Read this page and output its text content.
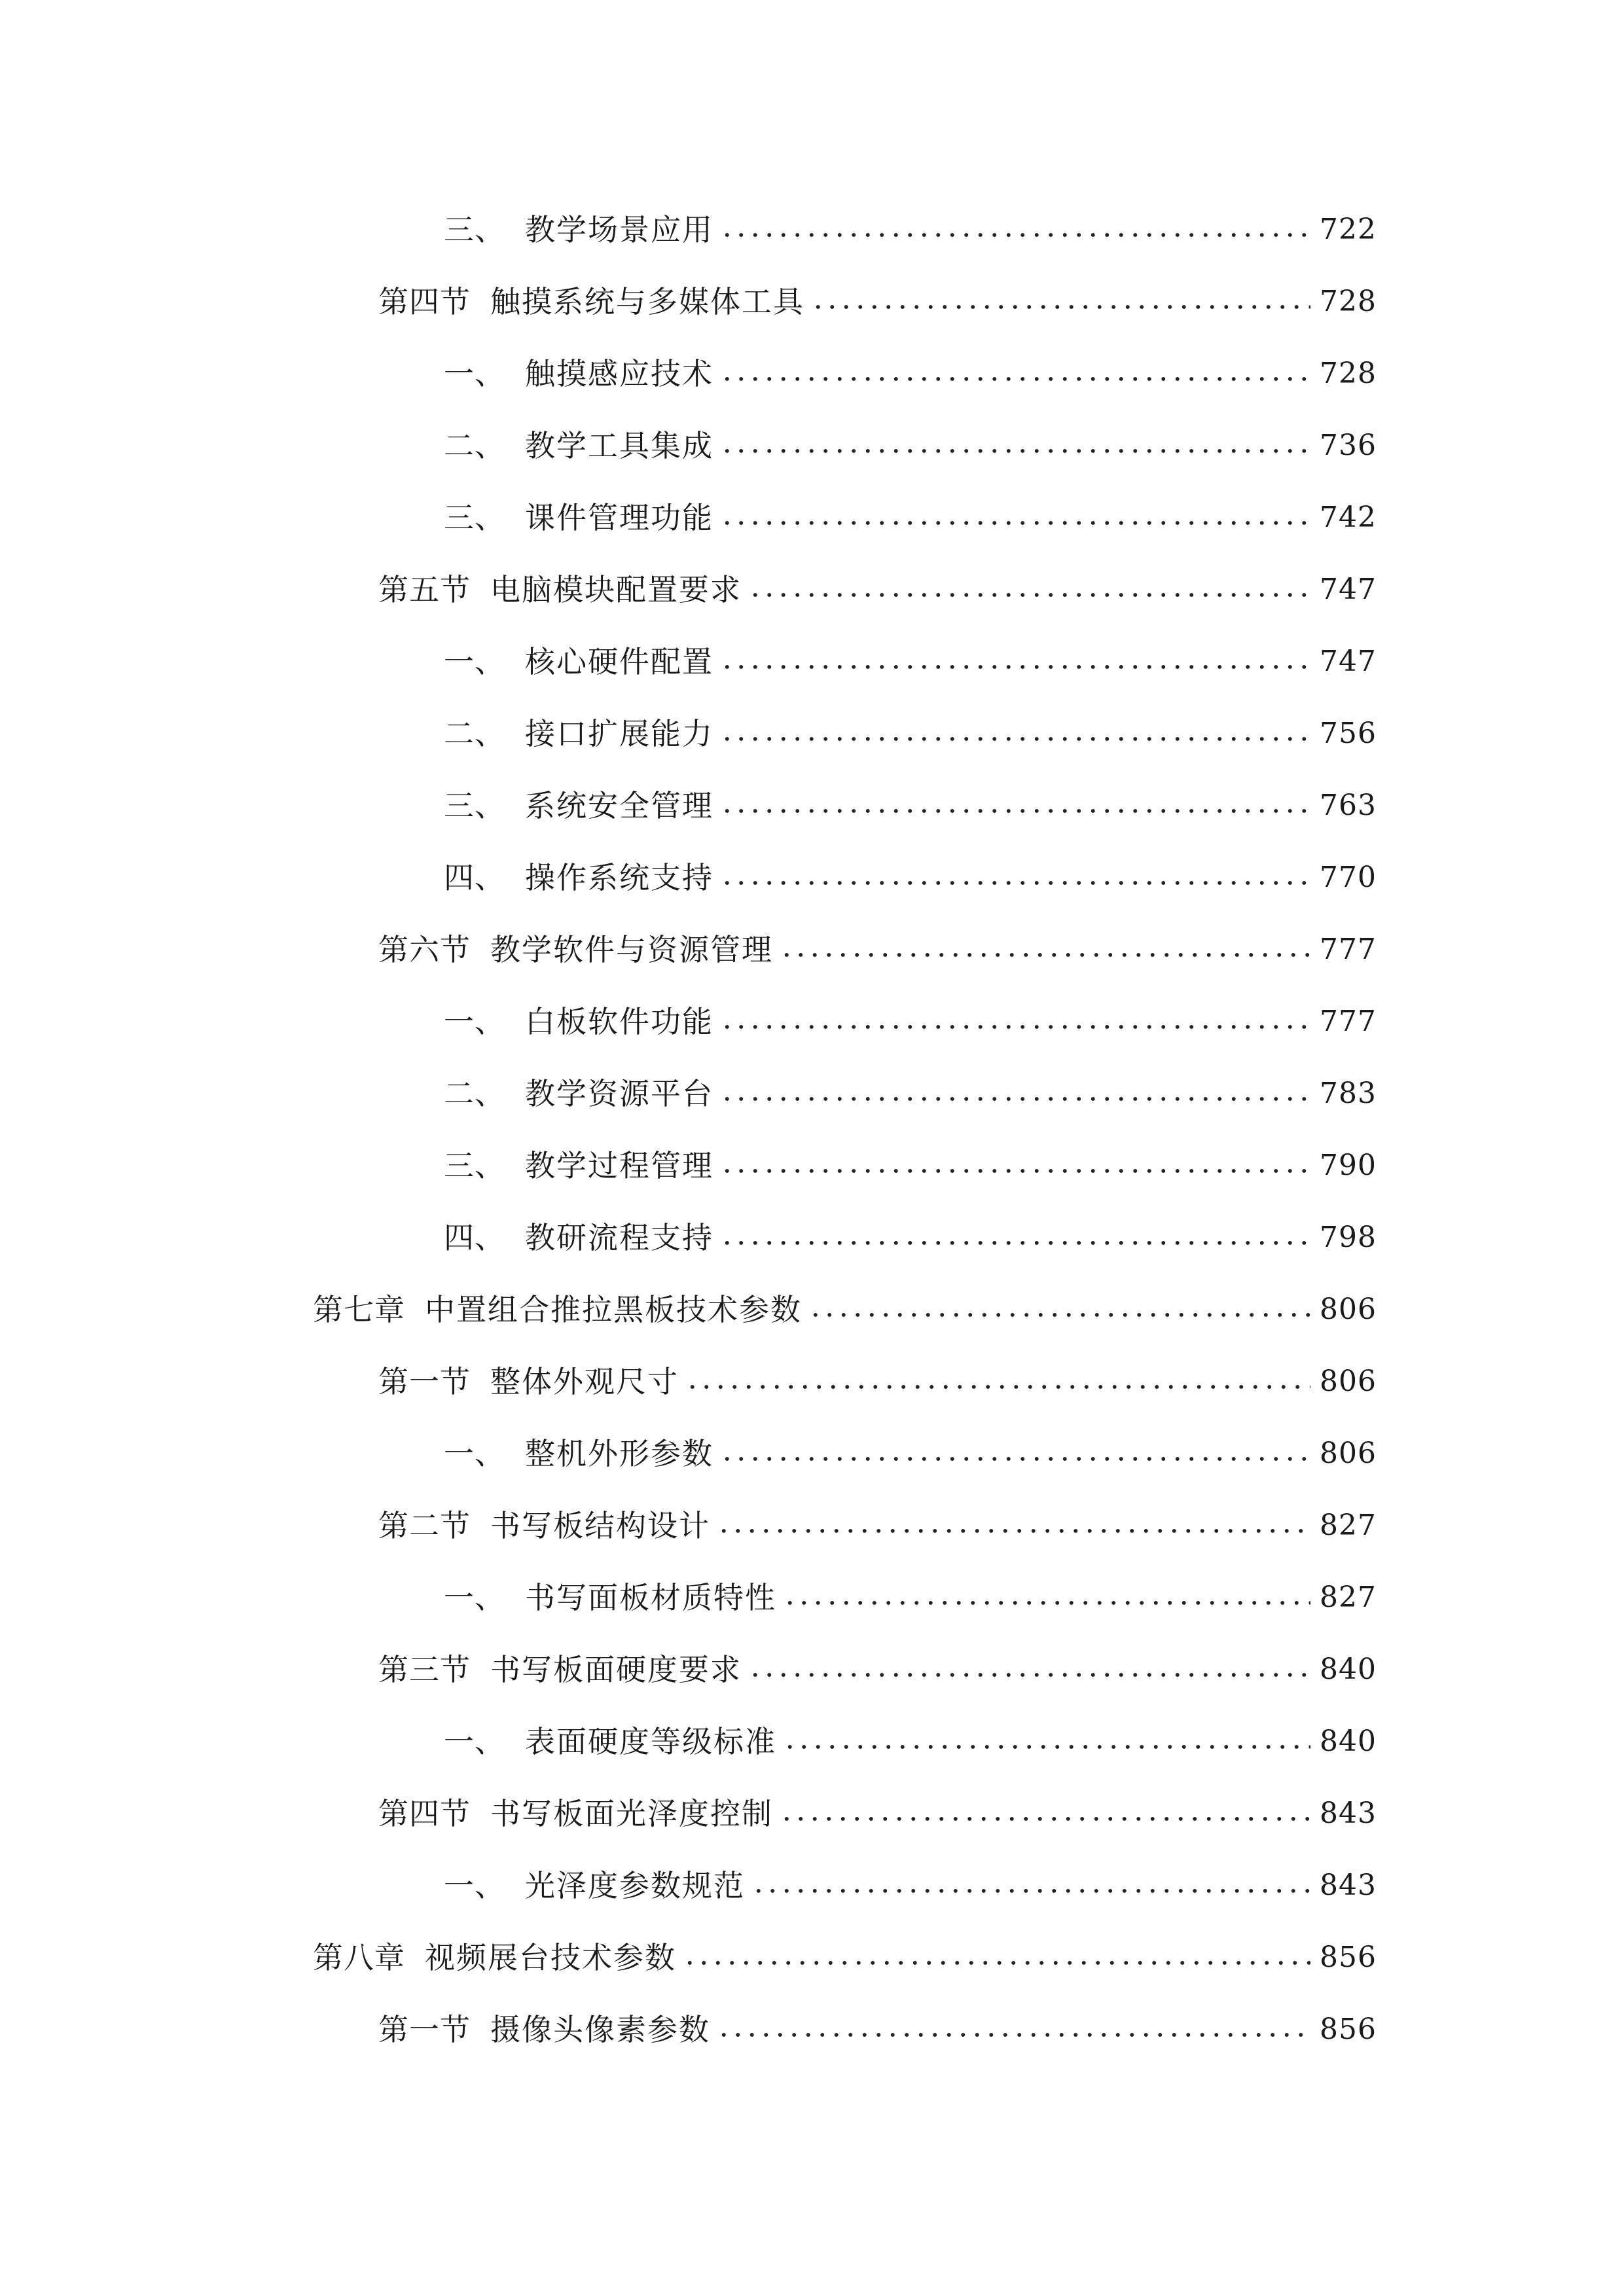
三、 教学场景应用	722
第四节 触摸系统与多媒体工具	728
一、 触摸感应技术	728
二、 教学工具集成	736
三、 课件管理功能	742
第五节 电脑模块配置要求	747
一、 核心硬件配置	747
二、 接口扩展能力	756
三、 系统安全管理	763
四、 操作系统支持	770
第六节 教学软件与资源管理	777
一、 白板软件功能	777
二、 教学资源平台	783
三、 教学过程管理	790
四、 教研流程支持	798
第七章 中置组合推拉黑板技术参数	806
第一节 整体外观尺寸	806
一、 整机外形参数	806
第二节 书写板结构设计	827
一、 书写面板材质特性	827
第三节 书写板面硬度要求	840
一、 表面硬度等级标准	840
第四节 书写板面光泽度控制	843
一、 光泽度参数规范	843
第八章 视频展台技术参数	856
第一节 摄像头像素参数	856
